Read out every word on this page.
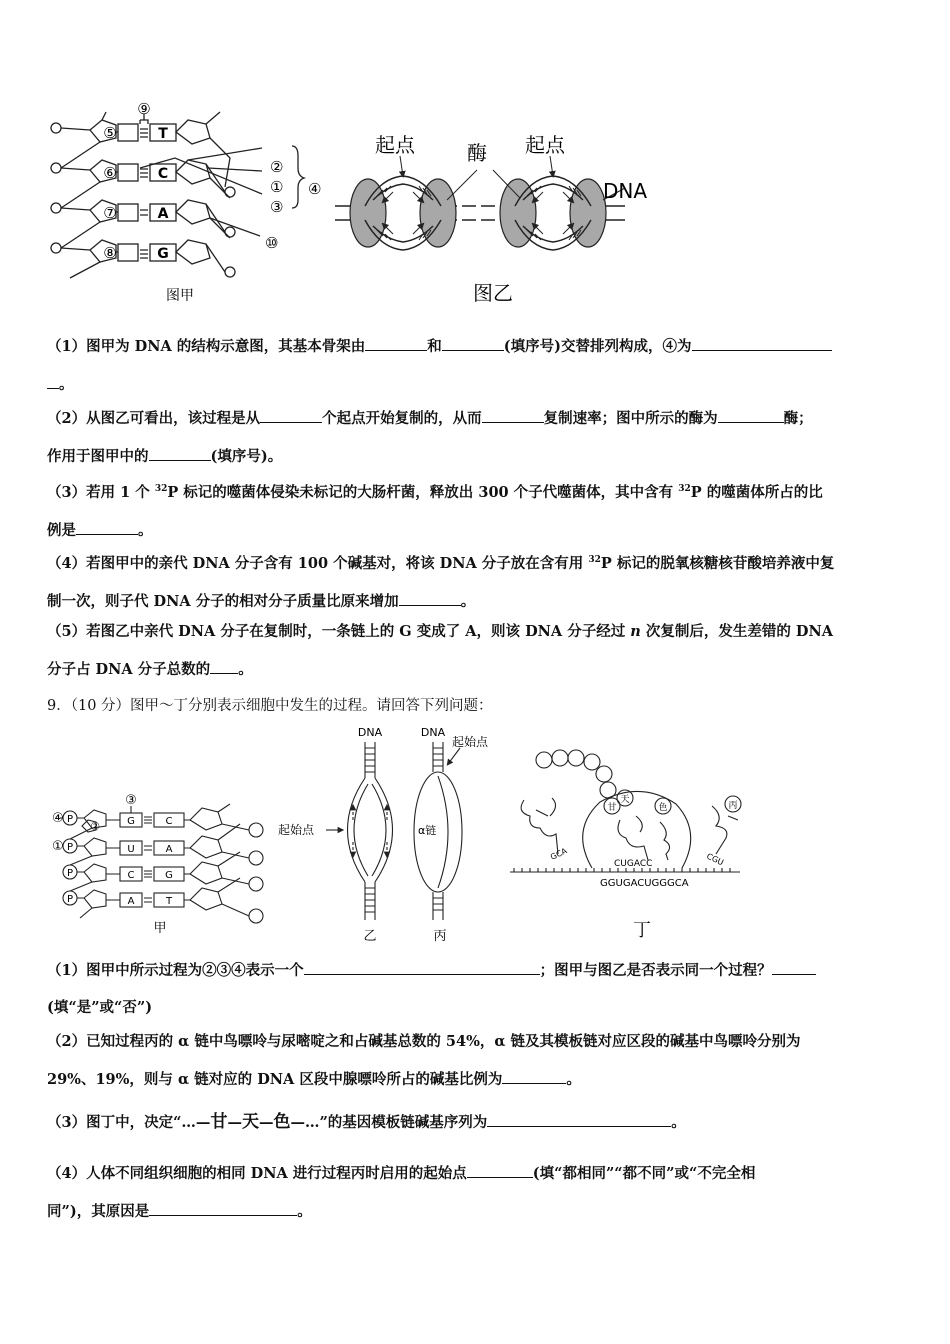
⑤
⑥
⑦
⑧
T
C
A
G
⑨
②
①
③
⑩
④
图甲
起点	酶 起点
DNA
图乙

（1）图甲为 DNA 的结构示意图，其基本骨架由	和	(填序号)交替排列构成，④为

。

（2）从图乙可看出，该过程是从	个起点开始复制的，从而	复制速率；图中所示的酶为	酶；

作用于图甲中的	(填序号)。

（3）若用 1 个 $^{32}$P 标记的噬菌体侵染未标记的大肠杆菌，释放出 300 个子代噬菌体，其中含有 $^{32}$P 的噬菌体所占的比

例是	。

（4）若图甲中的亲代 DNA 分子含有 100 个碱基对，将该 DNA 分子放在含有用 $^{32}$P 标记的脱氧核糖核苷酸培养液中复

制一次，则子代 DNA 分子的相对分子质量比原来增加	。

（5）若图乙中亲代 DNA 分子在复制时，一条链上的 G 变成了 A，则该 DNA 分子经过 n 次复制后，发生差错的 DNA

分子占 DNA 分子总数的 。

9．（10 分）图甲～丁分别表示细胞中发生的过程。请回答下列问题：
④
①
P
P
P
P
②
③
G
U
C
A
C
A
G
T
甲
DNA
起始点
乙
DNA
起始点
α链
丙
甘
天
色	丙
GCA
CUGACC	CGU
GGUGACUGGGCA
丁

（1）图甲中所示过程为②③④表示一个	；图甲与图乙是否表示同一个过程？

(填“是”或“否”)

（2）已知过程丙的 α 链中鸟嘌呤与尿嘧啶之和占碱基总数的 54%，α 链及其模板链对应区段的碱基中鸟嘌呤分别为

29%、19%，则与 α 链对应的 DNA 区段中腺嘌呤所占的碱基比例为	。

（3）图丁中，决定“…—甘—天—色—…”的基因模板链碱基序列为	。

（4）人体不同组织细胞的相同 DNA 进行过程丙时启用的起始点	(填“都相同”“都不同”或“不完全相

同”)，其原因是	。
